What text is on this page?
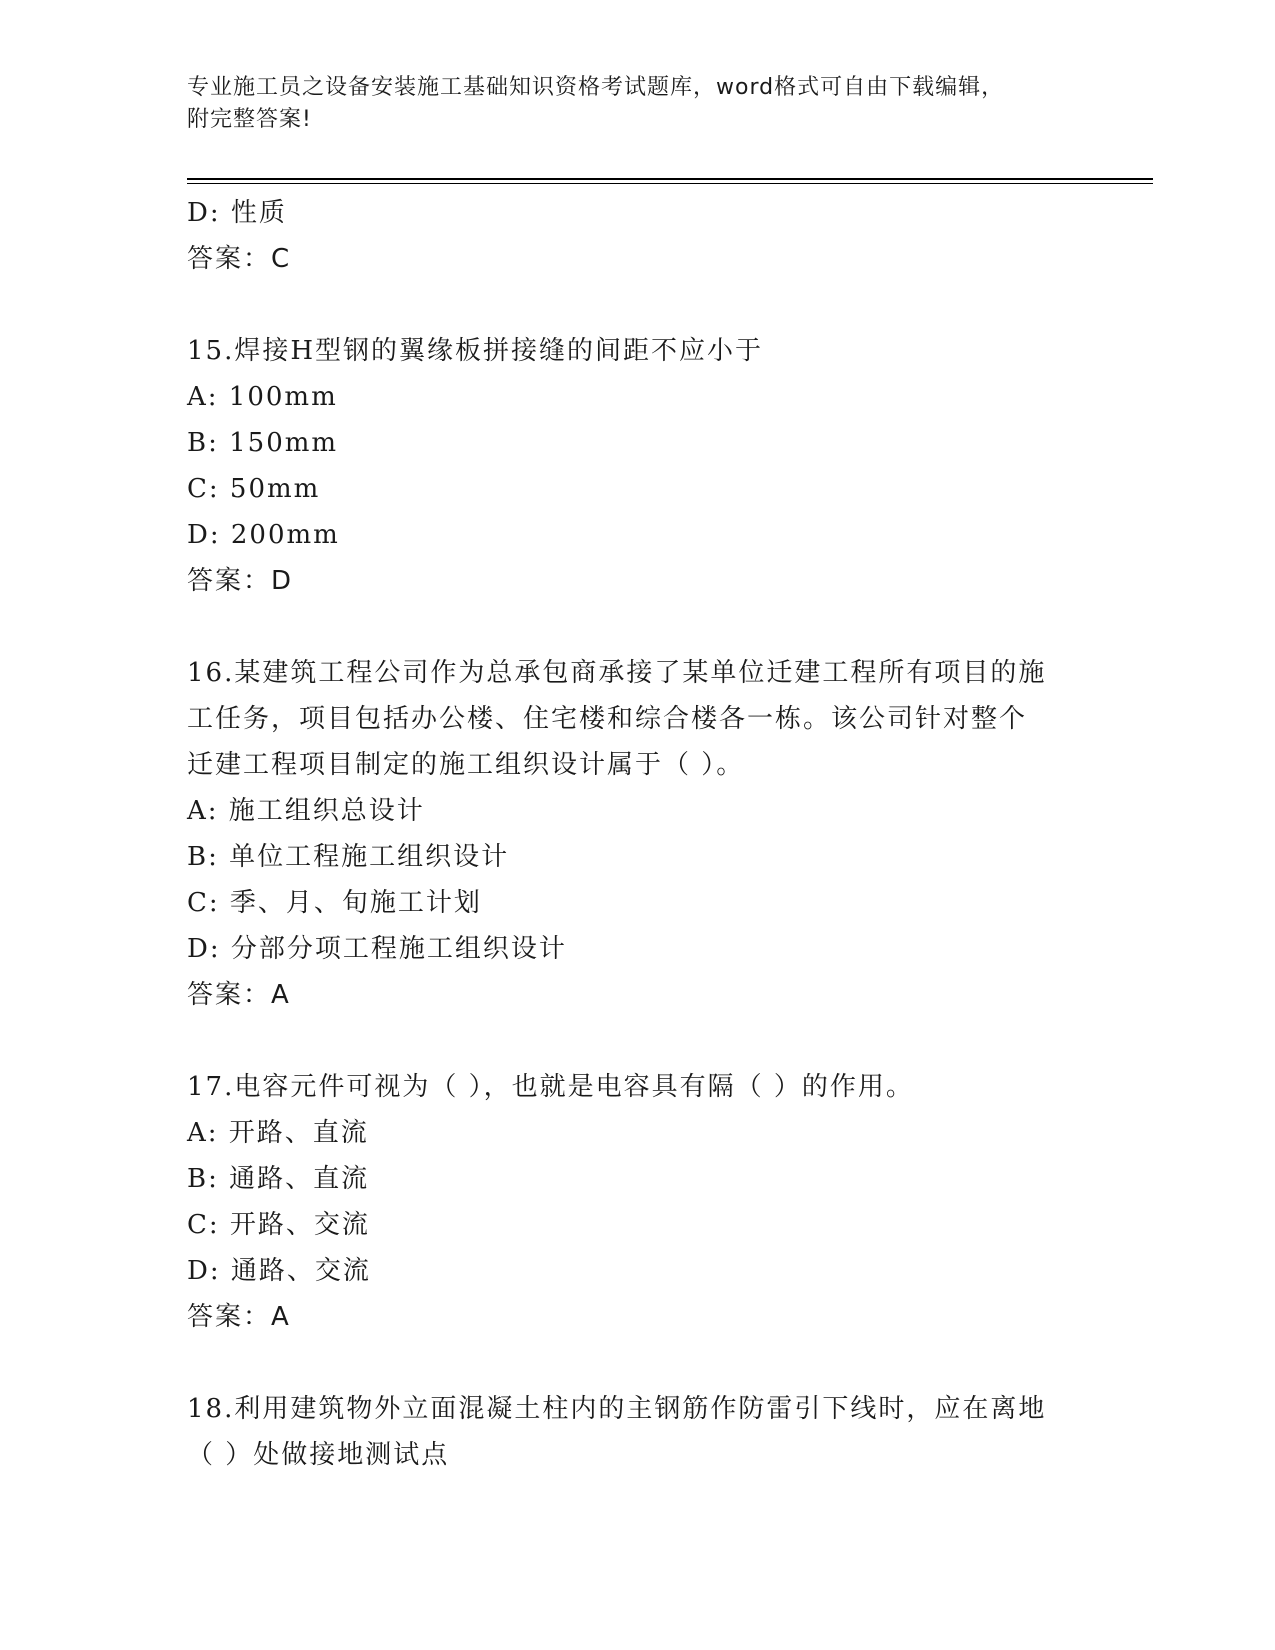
专业施工员之设备安装施工基础知识资格考试题库，word格式可自由下载编辑，
附完整答案!
D: 性质
答案：C
15.焊接H型钢的翼缘板拼接缝的间距不应小于
A: 100mm
B: 150mm
C: 50mm
D: 200mm
答案：D
16.某建筑工程公司作为总承包商承接了某单位迁建工程所有项目的施
工任务，项目包括办公楼、住宅楼和综合楼各一栋。该公司针对整个
迁建工程项目制定的施工组织设计属于（ ）。
A: 施工组织总设计
B: 单位工程施工组织设计
C: 季、月、旬施工计划
D: 分部分项工程施工组织设计
答案：A
17.电容元件可视为（ ），也就是电容具有隔（ ）的作用。
A: 开路、直流
B: 通路、直流
C: 开路、交流
D: 通路、交流
答案：A
18.利用建筑物外立面混凝土柱内的主钢筋作防雷引下线时，应在离地
（ ）处做接地测试点
